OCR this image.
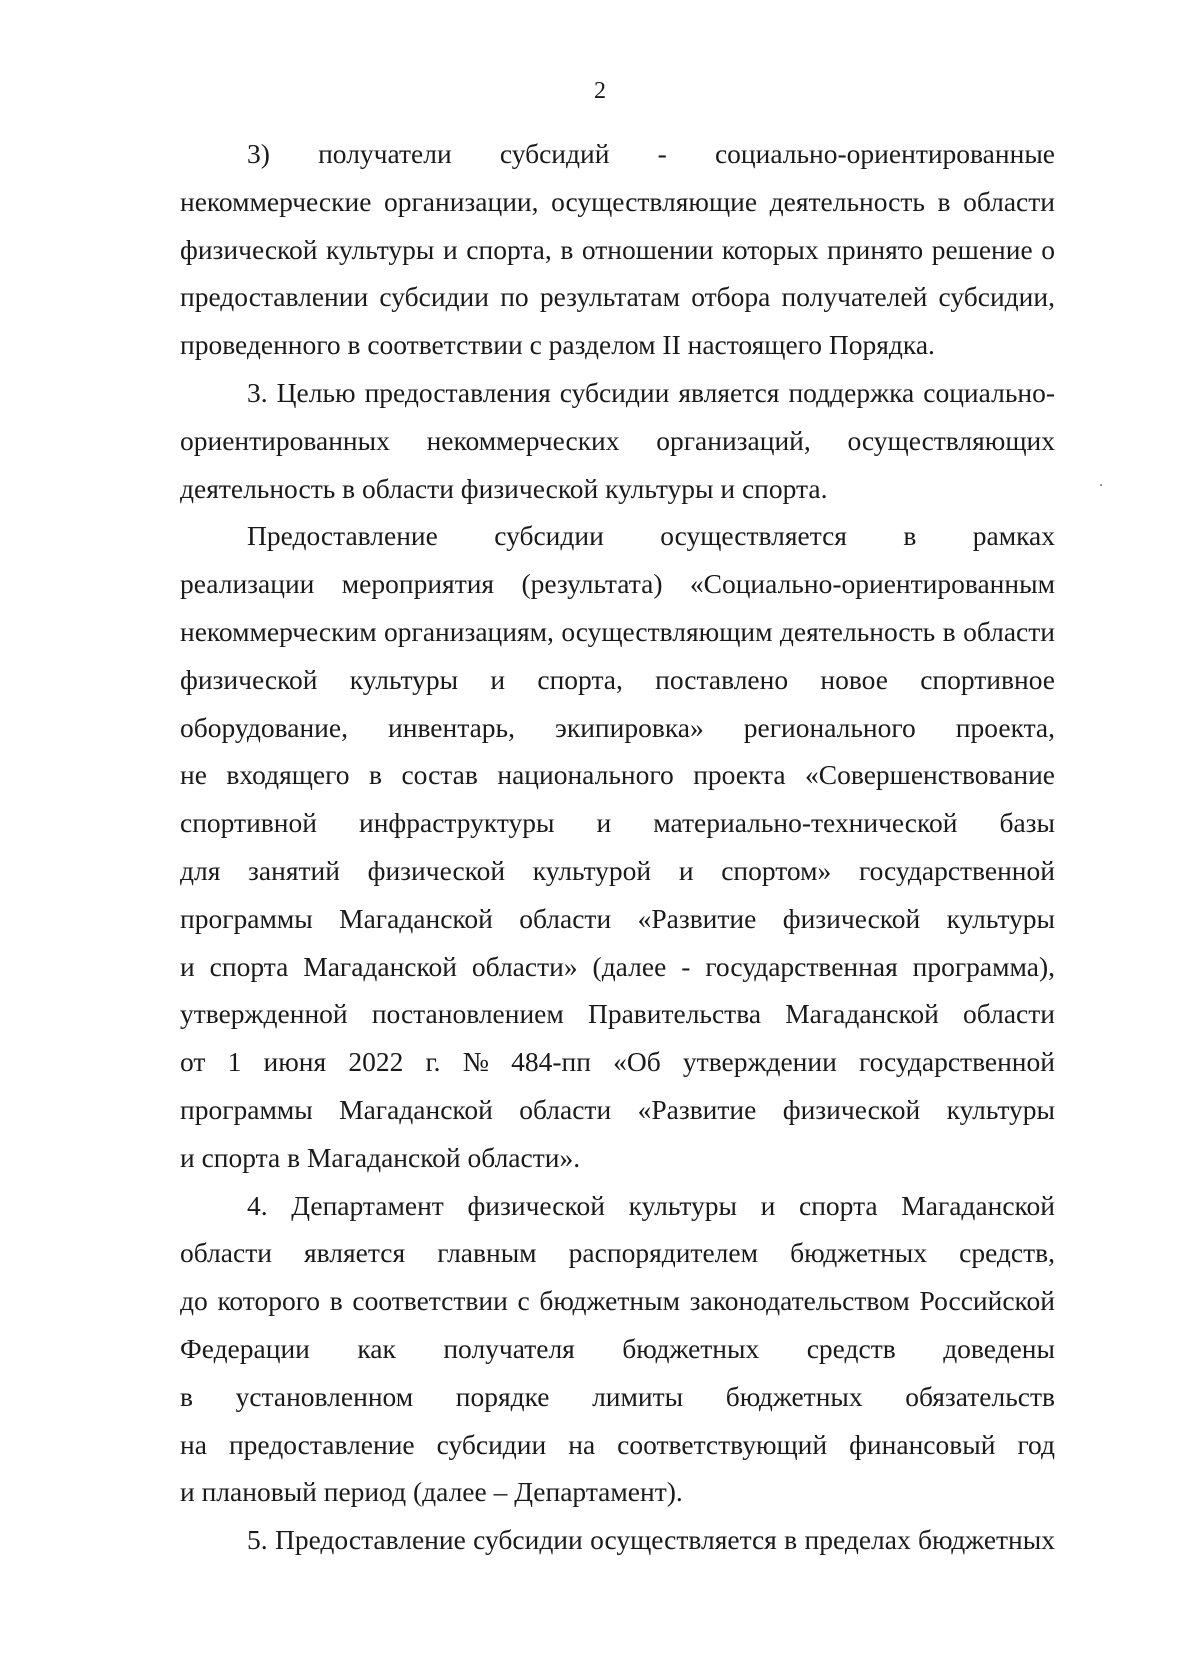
2
3) получатели субсидий - социально-ориентированные
некоммерческие организации, осуществляющие деятельность в области
физической культуры и спорта, в отношении которых принято решение о
предоставлении субсидии по результатам отбора получателей субсидии,
проведенного в соответствии с разделом II настоящего Порядка.
3. Целью предоставления субсидии является поддержка социально-
ориентированных некоммерческих организаций, осуществляющих
деятельность в области физической культуры и спорта.
Предоставление субсидии осуществляется в рамках
реализации мероприятия (результата) «Социально-ориентированным
некоммерческим организациям, осуществляющим деятельность в области
физической культуры и спорта, поставлено новое спортивное
оборудование, инвентарь, экипировка» регионального проекта,
не входящего в состав национального проекта «Совершенствование
спортивной инфраструктуры и материально-технической базы
для занятий физической культурой и спортом» государственной
программы Магаданской области «Развитие физической культуры
и спорта Магаданской области» (далее - государственная программа),
утвержденной постановлением Правительства Магаданской области
от 1 июня 2022 г. № 484-пп «Об утверждении государственной
программы Магаданской области «Развитие физической культуры
и спорта в Магаданской области».
4. Департамент физической культуры и спорта Магаданской
области является главным распорядителем бюджетных средств,
до которого в соответствии с бюджетным законодательством Российской
Федерации как получателя бюджетных средств доведены
в установленном порядке лимиты бюджетных обязательств
на предоставление субсидии на соответствующий финансовый год
и плановый период (далее – Департамент).
5. Предоставление субсидии осуществляется в пределах бюджетных
